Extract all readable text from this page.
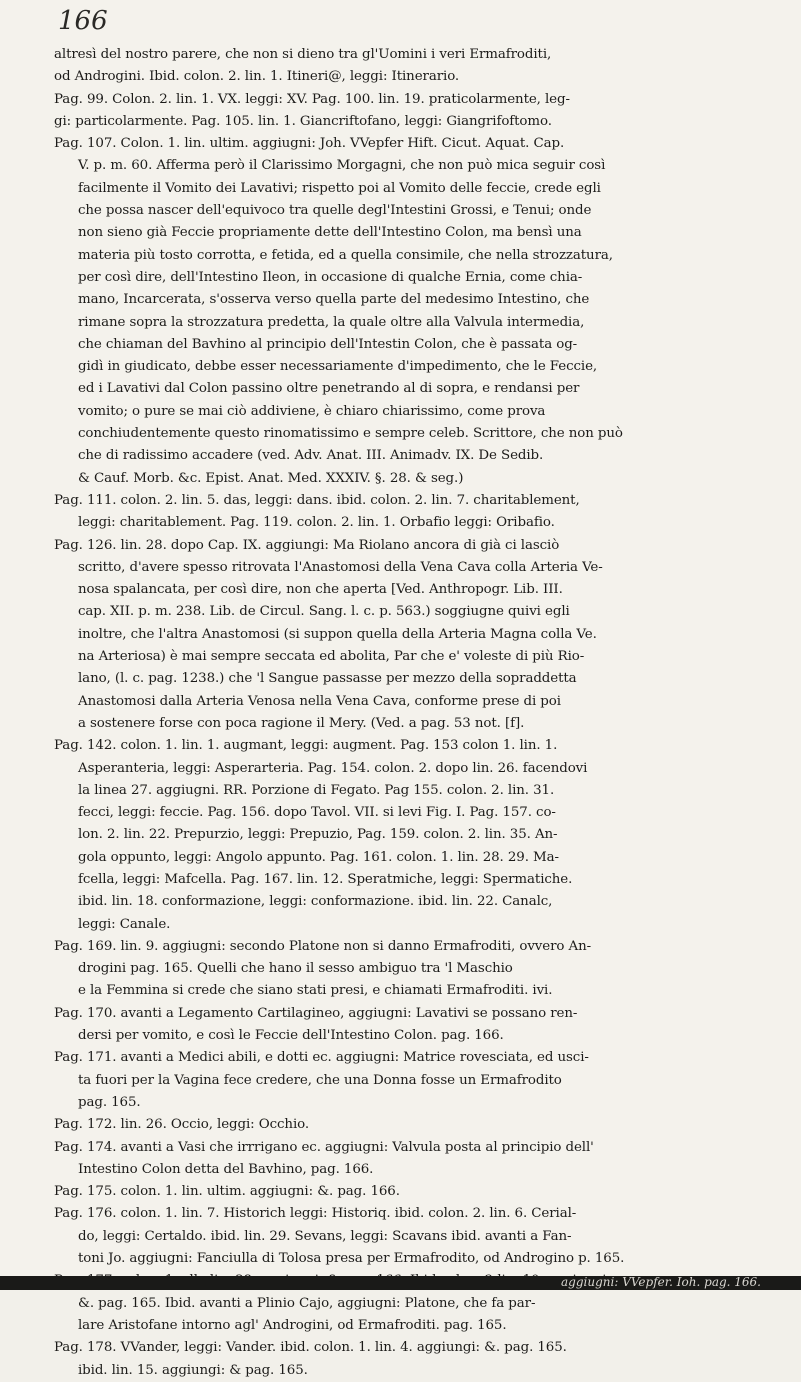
166
altresì del nostro parere, che non si dieno tra gl'Uomini i veri Ermafroditi,
od Androgini. Ibid. colon. 2. lin. 1. Itineri@, leggi: Itinerario.
Pag. 99. Colon. 2. lin. 1. VX. leggi: XV. Pag. 100. lin. 19. praticolarmente, leg-
gi: particolarmente. Pag. 105. lin. 1. Giancriftofano, leggi: Giangrifoftomo.
Pag. 107. Colon. 1. lin. ultim. aggiugni: Joh. VVepfer Hift. Cicut. Aquat. Cap.
V. p. m. 60. Afferma però il Clarissimo Morgagni, che non può mica seguir così
facilmente il Vomito dei Lavativi; rispetto poi al Vomito delle feccie, crede egli
che possa nascer dell'equivoco tra quelle degl'Intestini Grossi, e Tenui; onde
non sieno già Feccie propriamente dette dell'Intestino Colon, ma bensì una
materia più tosto corrotta, e fetida, ed a quella consimile, che nella strozzatura,
per così dire, dell'Intestino Ileon, in occasione di qualche Ernia, come chia-
mano, Incarcerata, s'osserva verso quella parte del medesimo Intestino, che
rimane sopra la strozzatura predetta, la quale oltre alla Valvula intermedia,
che chiaman del Bavhino al principio dell'Intestin Colon, che è passata og-
gidì in giudicato, debbe esser necessariamente d'impedimento, che le Feccie,
ed i Lavativi dal Colon passino oltre penetrando al di sopra, e rendansi per
vomito; o pure se mai ciò addiviene, è chiaro chiarissimo, come prova
conchiudentemente questo rinomatissimo e sempre celeb. Scrittore, che non può
che di radissimo accadere (ved. Adv. Anat. III. Animadv. IX. De Sedib.
& Cauf. Morb. &c. Epist. Anat. Med. XXXIV. §. 28. & seg.)
Pag. 111. colon. 2. lin. 5. das, leggi: dans. ibid. colon. 2. lin. 7. charitablement,
leggi: charitablement. Pag. 119. colon. 2. lin. 1. Orbafio leggi: Oribafio.
Pag. 126. lin. 28. dopo Cap. IX. aggiungi: Ma Riolano ancora di già ci lasciò
scritto, d'avere spesso ritrovata l'Anastomosi della Vena Cava colla Arteria Ve-
nosa spalancata, per così dire, non che aperta [Ved. Anthropogr. Lib. III.
cap. XII. p. m. 238. Lib. de Circul. Sang. l. c. p. 563.) soggiugne quivi egli
inoltre, che l'altra Anastomosi (si suppon quella della Arteria Magna colla Ve.
na Arteriosa) è mai sempre seccata ed abolita, Par che e' voleste di più Rio-
lano, (l. c. pag. 1238.) che 'l Sangue passasse per mezzo della sopraddetta
Anastomosi dalla Arteria Venosa nella Vena Cava, conforme prese di poi
a sostenere forse con poca ragione il Mery. (Ved. a pag. 53 not. [f].
Pag. 142. colon. 1. lin. 1. augmant, leggi: augment. Pag. 153 colon 1. lin. 1.
Asperanteria, leggi: Asperarteria. Pag. 154. colon. 2. dopo lin. 26. facendovi
la linea 27. aggiugni. RR. Porzione di Fegato. Pag 155. colon. 2. lin. 31.
fecci, leggi: feccie. Pag. 156. dopo Tavol. VII. si levi Fig. I. Pag. 157. co-
lon. 2. lin. 22. Prepurzio, leggi: Prepuzio, Pag. 159. colon. 2. lin. 35. An-
gola oppunto, leggi: Angolo appunto. Pag. 161. colon. 1. lin. 28. 29. Ma-
fcella, leggi: Mafcella. Pag. 167. lin. 12. Speratmiche, leggi: Spermatiche.
ibid. lin. 18. conformazione, leggi: conformazione. ibid. lin. 22. Canalc,
leggi: Canale.
Pag. 169. lin. 9. aggiugni: secondo Platone non si danno Ermafroditi, ovvero An-
drogini pag. 165. Quelli che hano il sesso ambiguo tra 'l Maschio
e la Femmina si crede che siano stati presi, e chiamati Ermafroditi. ivi.
Pag. 170. avanti a Legamento Cartilagineo, aggiugni: Lavativi se possano ren-
dersi per vomito, e così le Feccie dell'Intestino Colon. pag. 166.
Pag. 171. avanti a Medici abili, e dotti ec. aggiugni: Matrice rovesciata, ed usci-
ta fuori per la Vagina fece credere, che una Donna fosse un Ermafrodito
pag. 165.
Pag. 172. lin. 26. Occio, leggi: Occhio.
Pag. 174. avanti a Vasi che irrrigano ec. aggiugni: Valvula posta al principio dell'
Intestino Colon detta del Bavhino, pag. 166.
Pag. 175. colon. 1. lin. ultim. aggiugni: &. pag. 166.
Pag. 176. colon. 1. lin. 7. Historich leggi: Historiq. ibid. colon. 2. lin. 6. Cerial-
do, leggi: Certaldo. ibid. lin. 29. Sevans, leggi: Scavans ibid. avanti a Fan-
toni Jo. aggiugni: Fanciulla di Tolosa presa per Ermafrodito, od Androgino p. 165.
&. pag. 165. Ibid. avanti a Plinio Cajo, aggiugni: Platone, che fa par-
lare Aristofane intorno agl' Androgini, od Ermafroditi. pag. 165.
Pag. 178. VVander, leggi: Vander. ibid. colon. 1. lin. 4. aggiungi: &. pag. 165.
ibid. lin. 15. aggiungi: & pag. 165.
aggiugni: VVepfer. Ioh. pag. 166.
